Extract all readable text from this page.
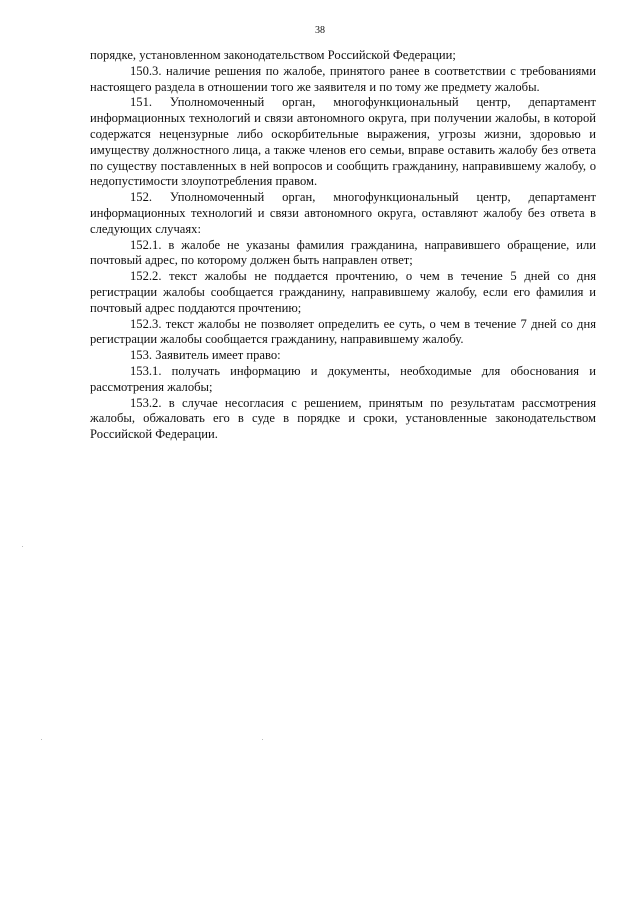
38

порядке, установленном законодательством Российской Федерации;

150.3. наличие решения по жалобе, принятого ранее в соответствии с требованиями настоящего раздела в отношении того же заявителя и по тому же предмету жалобы.

151. Уполномоченный орган, многофункциональный центр, департамент информационных технологий и связи автономного округа, при получении жалобы, в которой содержатся нецензурные либо оскорбительные выражения, угрозы жизни, здоровью и имуществу должностного лица, а также членов его семьи, вправе оставить жалобу без ответа по существу поставленных в ней вопросов и сообщить гражданину, направившему жалобу, о недопустимости злоупотребления правом.

152. Уполномоченный орган, многофункциональный центр, департамент информационных технологий и связи автономного округа, оставляют жалобу без ответа в следующих случаях:

152.1. в жалобе не указаны фамилия гражданина, направившего обращение, или почтовый адрес, по которому должен быть направлен ответ;

152.2. текст жалобы не поддается прочтению, о чем в течение 5 дней со дня регистрации жалобы сообщается гражданину, направившему жалобу, если его фамилия и почтовый адрес поддаются прочтению;

152.3. текст жалобы не позволяет определить ее суть, о чем в течение 7 дней со дня регистрации жалобы сообщается гражданину, направившему жалобу.

153. Заявитель имеет право:

153.1. получать информацию и документы, необходимые для обоснования и рассмотрения жалобы;

153.2. в случае несогласия с решением, принятым по результатам рассмотрения жалобы, обжаловать его в суде в порядке и сроки, установленные законодательством Российской Федерации.
